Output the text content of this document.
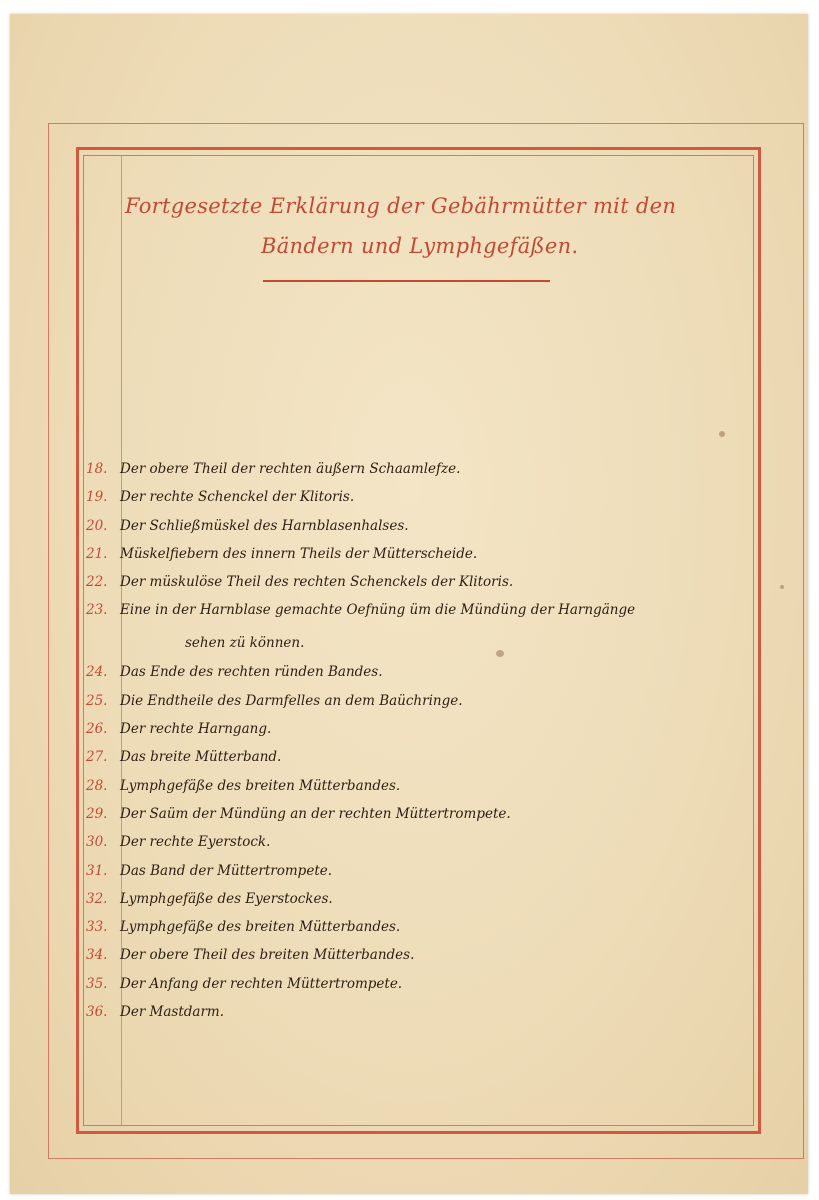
Fortgesetzte Erklärung der Gebährmütter mit den
Bändern und Lymphgefäßen.
18. Der obere Theil der rechten äußern Schaamlefze.
19. Der rechte Schenckel der Klitoris.
20. Der Schließmüskel des Harnblasenhalses.
21. Müskelfiebern des innern Theils der Mütterscheide.
22. Der müskulöse Theil des rechten Schenckels der Klitoris.
23. Eine in der Harnblase gemachte Oefnüng üm die Mündüng der Harngänge
sehen zü können.
24. Das Ende des rechten ründen Bandes.
25. Die Endtheile des Darmfelles an dem Baüchringe.
26. Der rechte Harngang.
27. Das breite Mütterband.
28. Lymphgefäße des breiten Mütterbandes.
29. Der Saüm der Mündüng an der rechten Müttertrompete.
30. Der rechte Eyerstock.
31. Das Band der Müttertrompete.
32. Lymphgefäße des Eyerstockes.
33. Lymphgefäße des breiten Mütterbandes.
34. Der obere Theil des breiten Mütterbandes.
35. Der Anfang der rechten Müttertrompete.
36. Der Mastdarm.
